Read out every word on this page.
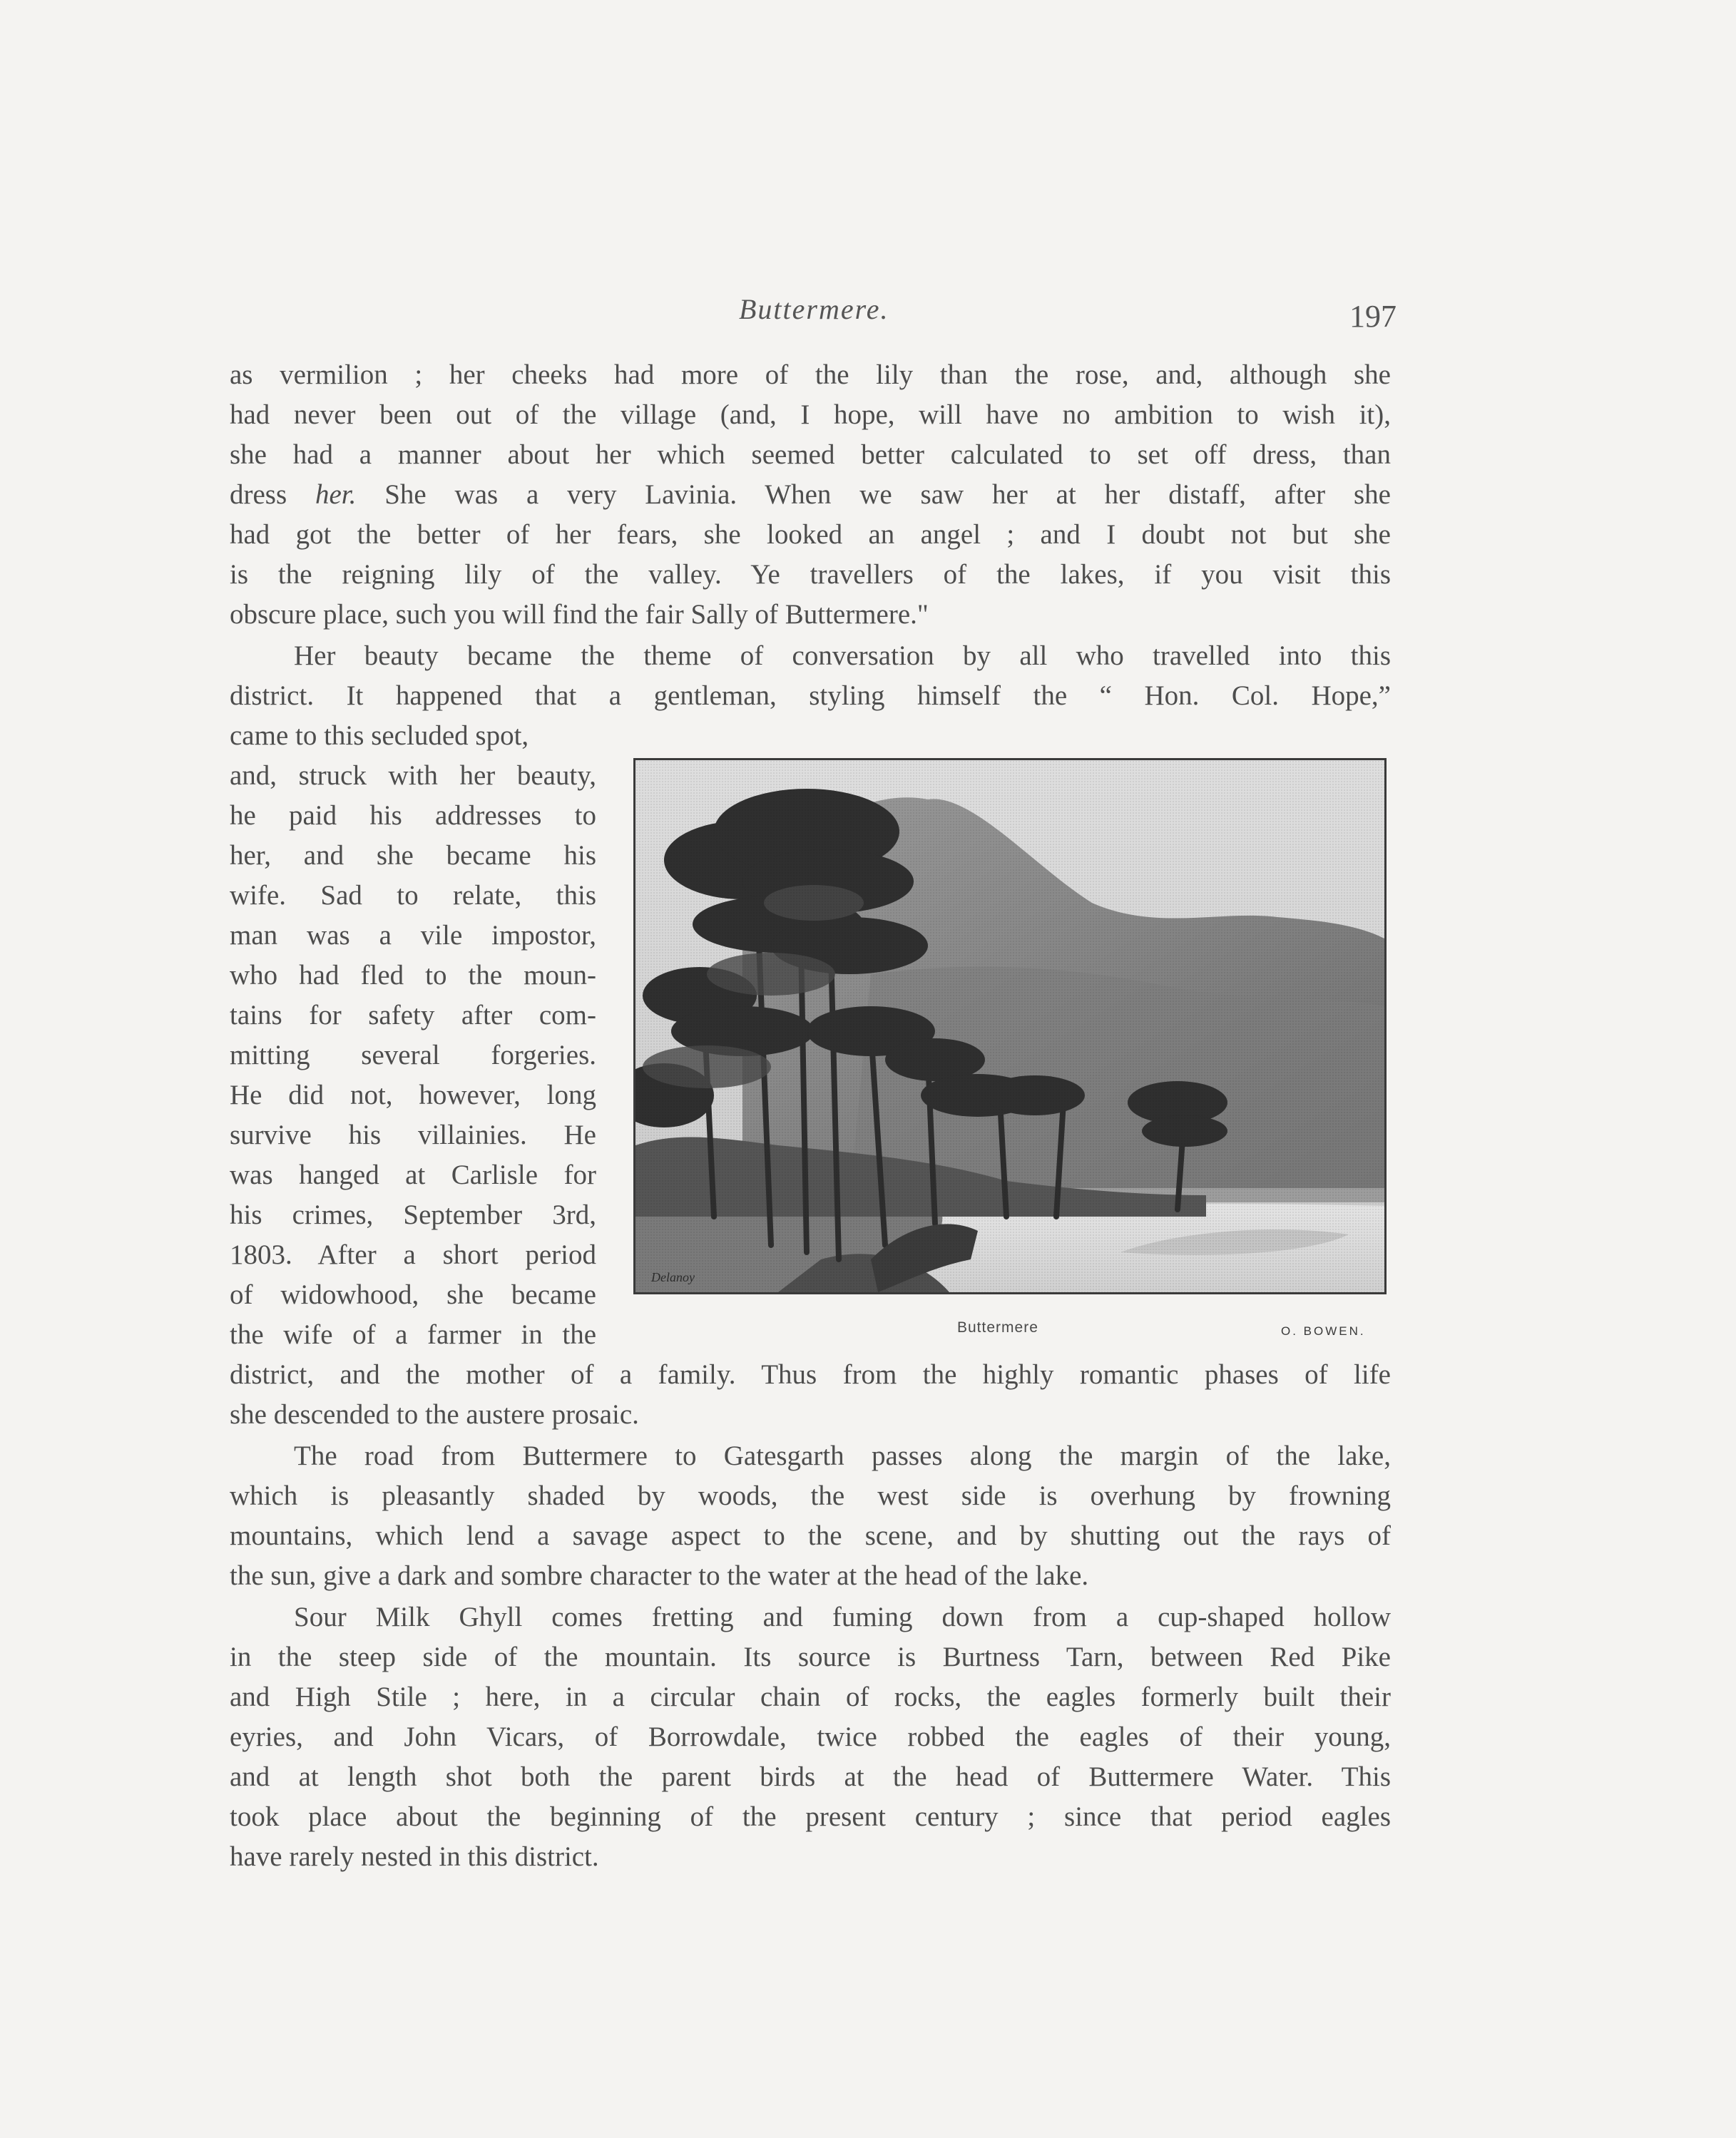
Buttermere.	197
as vermilion ; her cheeks had more of the lily than the rose, and, although she
had never been out of the village (and, I hope, will have no ambition to wish it),
she had a manner about her which seemed better calculated to set off dress, than
dress her. She was a very Lavinia. When we saw her at her distaff, after she
had got the better of her fears, she looked an angel ; and I doubt not but she
is the reigning lily of the valley. Ye travellers of the lakes, if you visit this
obscure place, such you will find the fair Sally of Buttermere."
Her beauty became the theme of conversation by all who travelled into this
district. It happened that a gentleman, styling himself the “ Hon. Col. Hope,”
came to this secluded spot,
and, struck with her beauty,
he paid his addresses to
her, and she became his
wife. Sad to relate, this
man was a vile impostor,
who had fled to the moun-
tains for safety after com-
mitting several forgeries.
He did not, however, long
survive his villainies. He
was hanged at Carlisle for
his crimes, September 3rd,
1803. After a short period
of widowhood, she became
the wife of a farmer in the
district, and the mother of a family. Thus from the highly romantic phases of life
she descended to the austere prosaic.
The road from Buttermere to Gatesgarth passes along the margin of the lake,
which is pleasantly shaded by woods, the west side is overhung by frowning
mountains, which lend a savage aspect to the scene, and by shutting out the rays of
the sun, give a dark and sombre character to the water at the head of the lake.
Sour Milk Ghyll comes fretting and fuming down from a cup-shaped hollow
in the steep side of the mountain. Its source is Burtness Tarn, between Red Pike
and High Stile ; here, in a circular chain of rocks, the eagles formerly built their
eyries, and John Vicars, of Borrowdale, twice robbed the eagles of their young,
and at length shot both the parent birds at the head of Buttermere Water. This
took place about the beginning of the present century ; since that period eagles
have rarely nested in this district.
Delanoy
Buttermere	O. BOWEN.
